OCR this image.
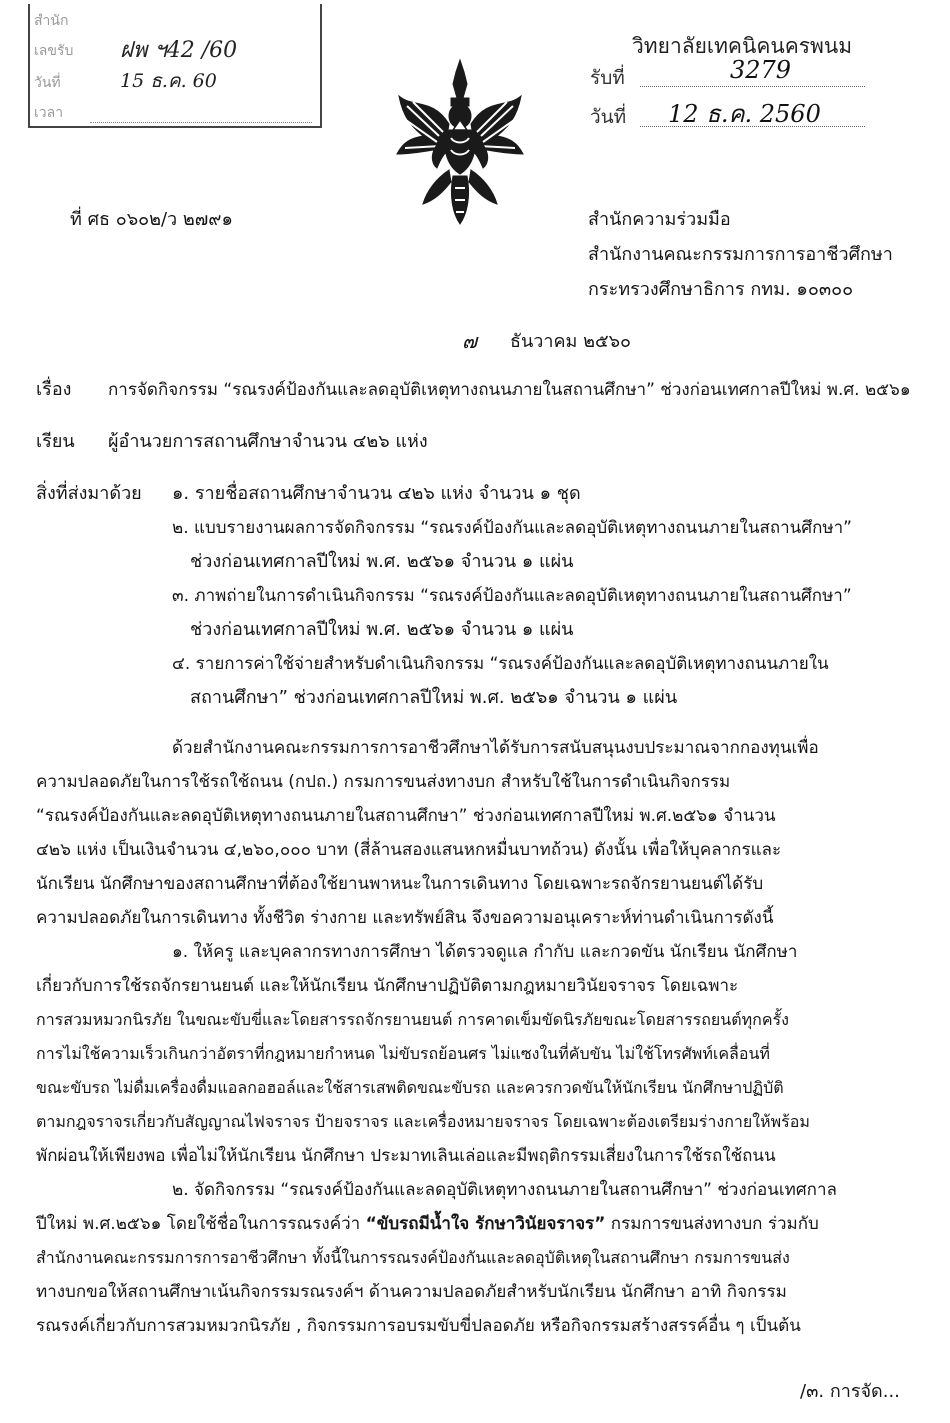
สำนัก
เลขรับ ฝพ ฯ42 /60
วันที่	15 ธ.ค. 60
เวลา
วิทยาลัยเทคนิคนครพนม
รับที่	3279
วันที่ 12 ธ.ค. 2560
ที่ ศธ ๐๖๐๒/ว ๒๗๙๑	สำนักความร่วมมือ
สำนักงานคณะกรรมการการอาชีวศึกษา
กระทรวงศึกษาธิการ กทม. ๑๐๓๐๐
๗ ธันวาคม ๒๕๖๐
เรื่อง การจัดกิจกรรม “รณรงค์ป้องกันและลดอุบัติเหตุทางถนนภายในสถานศึกษา” ช่วงก่อนเทศกาลปีใหม่ พ.ศ. ๒๕๖๑
เรียน ผู้อำนวยการสถานศึกษาจำนวน ๔๒๖ แห่ง
สิ่งที่ส่งมาด้วย ๑. รายชื่อสถานศึกษาจำนวน ๔๒๖ แห่ง จำนวน ๑ ชุด
๒. แบบรายงานผลการจัดกิจกรรม “รณรงค์ป้องกันและลดอุบัติเหตุทางถนนภายในสถานศึกษา”
ช่วงก่อนเทศกาลปีใหม่ พ.ศ. ๒๕๖๑ จำนวน ๑ แผ่น
๓. ภาพถ่ายในการดำเนินกิจกรรม “รณรงค์ป้องกันและลดอุบัติเหตุทางถนนภายในสถานศึกษา”
ช่วงก่อนเทศกาลปีใหม่ พ.ศ. ๒๕๖๑ จำนวน ๑ แผ่น
๔. รายการค่าใช้จ่ายสำหรับดำเนินกิจกรรม “รณรงค์ป้องกันและลดอุบัติเหตุทางถนนภายใน
สถานศึกษา” ช่วงก่อนเทศกาลปีใหม่ พ.ศ. ๒๕๖๑ จำนวน ๑ แผ่น
ด้วยสำนักงานคณะกรรมการการอาชีวศึกษาได้รับการสนับสนุนงบประมาณจากกองทุนเพื่อ
ความปลอดภัยในการใช้รถใช้ถนน (กปถ.) กรมการขนส่งทางบก สำหรับใช้ในการดำเนินกิจกรรม
“รณรงค์ป้องกันและลดอุบัติเหตุทางถนนภายในสถานศึกษา” ช่วงก่อนเทศกาลปีใหม่ พ.ศ.๒๕๖๑ จำนวน
๔๒๖ แห่ง เป็นเงินจำนวน ๔,๒๖๐,๐๐๐ บาท (สี่ล้านสองแสนหกหมื่นบาทถ้วน) ดังนั้น เพื่อให้บุคลากรและ
นักเรียน นักศึกษาของสถานศึกษาที่ต้องใช้ยานพาหนะในการเดินทาง โดยเฉพาะรถจักรยานยนต์ได้รับ
ความปลอดภัยในการเดินทาง ทั้งชีวิต ร่างกาย และทรัพย์สิน จึงขอความอนุเคราะห์ท่านดำเนินการดังนี้
๑. ให้ครู และบุคลากรทางการศึกษา ได้ตรวจดูแล กำกับ และกวดขัน นักเรียน นักศึกษา
เกี่ยวกับการใช้รถจักรยานยนต์ และให้นักเรียน นักศึกษาปฏิบัติตามกฎหมายวินัยจราจร โดยเฉพาะ
การสวมหมวกนิรภัย ในขณะขับขี่และโดยสารรถจักรยานยนต์ การคาดเข็มขัดนิรภัยขณะโดยสารรถยนต์ทุกครั้ง
การไม่ใช้ความเร็วเกินกว่าอัตราที่กฎหมายกำหนด ไม่ขับรถย้อนศร ไม่แซงในที่คับขัน ไม่ใช้โทรศัพท์เคลื่อนที่
ขณะขับรถ ไม่ดื่มเครื่องดื่มแอลกอฮอล์และใช้สารเสพติดขณะขับรถ และควรกวดขันให้นักเรียน นักศึกษาปฏิบัติ
ตามกฎจราจรเกี่ยวกับสัญญาณไฟจราจร ป้ายจราจร และเครื่องหมายจราจร โดยเฉพาะต้องเตรียมร่างกายให้พร้อม
พักผ่อนให้เพียงพอ เพื่อไม่ให้นักเรียน นักศึกษา ประมาทเลินเล่อและมีพฤติกรรมเสี่ยงในการใช้รถใช้ถนน
๒. จัดกิจกรรม “รณรงค์ป้องกันและลดอุบัติเหตุทางถนนภายในสถานศึกษา” ช่วงก่อนเทศกาล
ปีใหม่ พ.ศ.๒๕๖๑ โดยใช้ชื่อในการรณรงค์ว่า “ขับรถมีน้ำใจ รักษาวินัยจราจร” กรมการขนส่งทางบก ร่วมกับ
สำนักงานคณะกรรมการการอาชีวศึกษา ทั้งนี้ในการรณรงค์ป้องกันและลดอุบัติเหตุในสถานศึกษา กรมการขนส่ง
ทางบกขอให้สถานศึกษาเน้นกิจกรรมรณรงค์ฯ ด้านความปลอดภัยสำหรับนักเรียน นักศึกษา อาทิ กิจกรรม
รณรงค์เกี่ยวกับการสวมหมวกนิรภัย , กิจกรรมการอบรมขับขี่ปลอดภัย หรือกิจกรรมสร้างสรรค์อื่น ๆ เป็นต้น
/๓. การจัด...
